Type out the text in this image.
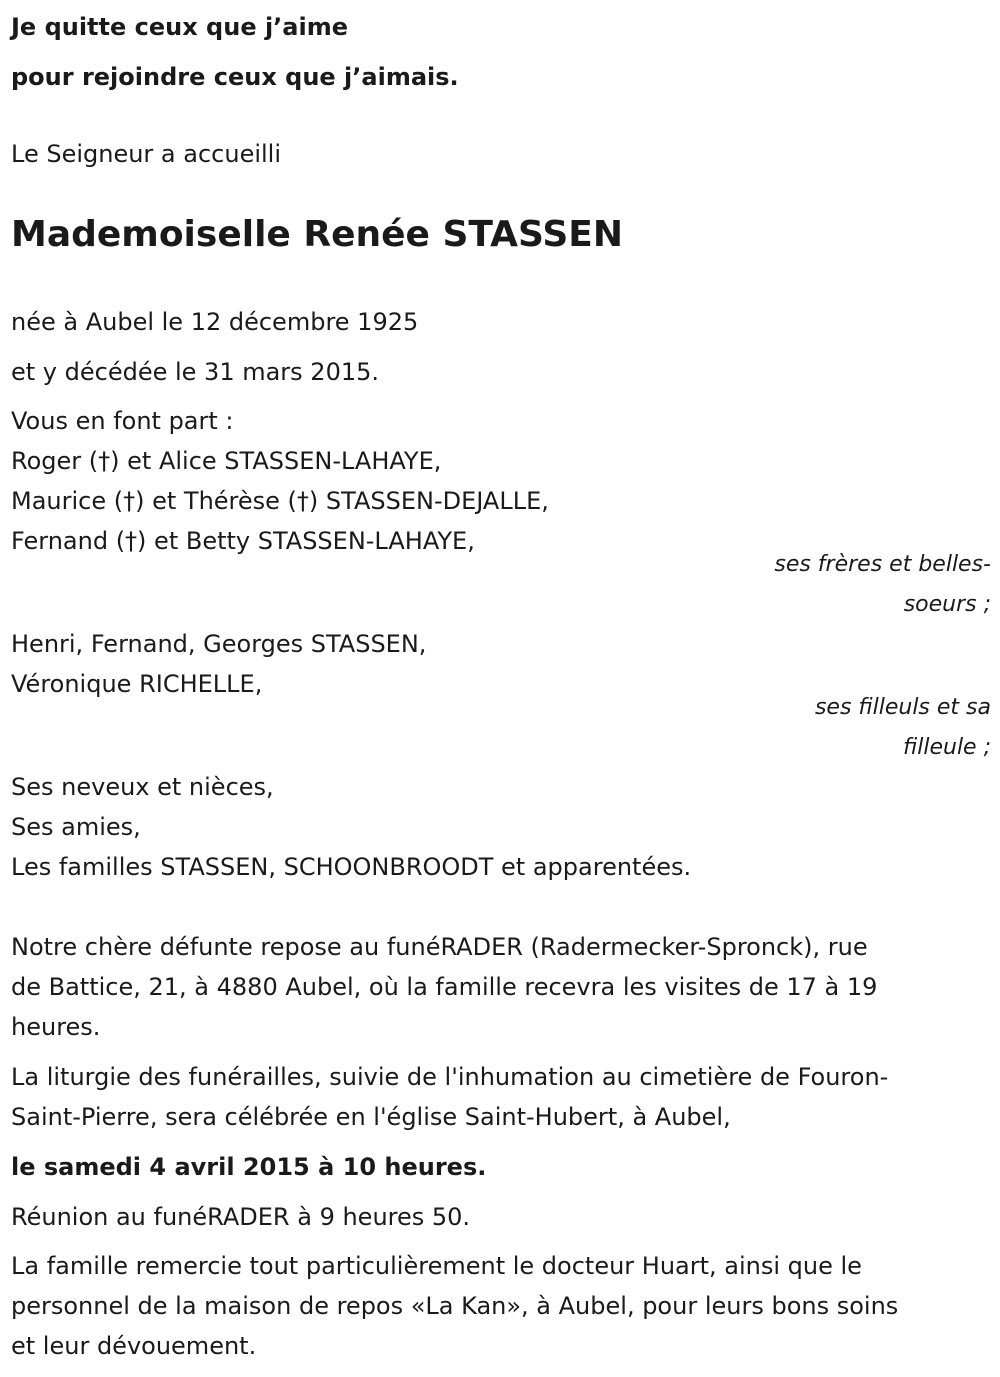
Je quitte ceux que j’aime
pour rejoindre ceux que j’aimais.
Le Seigneur a accueilli
Mademoiselle Renée STASSEN
née à Aubel le 12 décembre 1925
et y décédée le 31 mars 2015.
Vous en font part :
Roger (†) et Alice STASSEN-LAHAYE,
Maurice (†) et Thérèse (†) STASSEN-DEJALLE,
Fernand (†) et Betty STASSEN-LAHAYE,
ses frères et belles-
soeurs ;
Henri, Fernand, Georges STASSEN,
Véronique RICHELLE,
ses filleuls et sa
filleule ;
Ses neveux et nièces,
Ses amies,
Les familles STASSEN, SCHOONBROODT et apparentées.
Notre chère défunte repose au funéRADER (Radermecker-Spronck), rue
de Battice, 21, à 4880 Aubel, où la famille recevra les visites de 17 à 19
heures.
La liturgie des funérailles, suivie de l'inhumation au cimetière de Fouron-
Saint-Pierre, sera célébrée en l'église Saint-Hubert, à Aubel,
le samedi 4 avril 2015 à 10 heures.
Réunion au funéRADER à 9 heures 50.
La famille remercie tout particulièrement le docteur Huart, ainsi que le
personnel de la maison de repos «La Kan», à Aubel, pour leurs bons soins
et leur dévouement.
